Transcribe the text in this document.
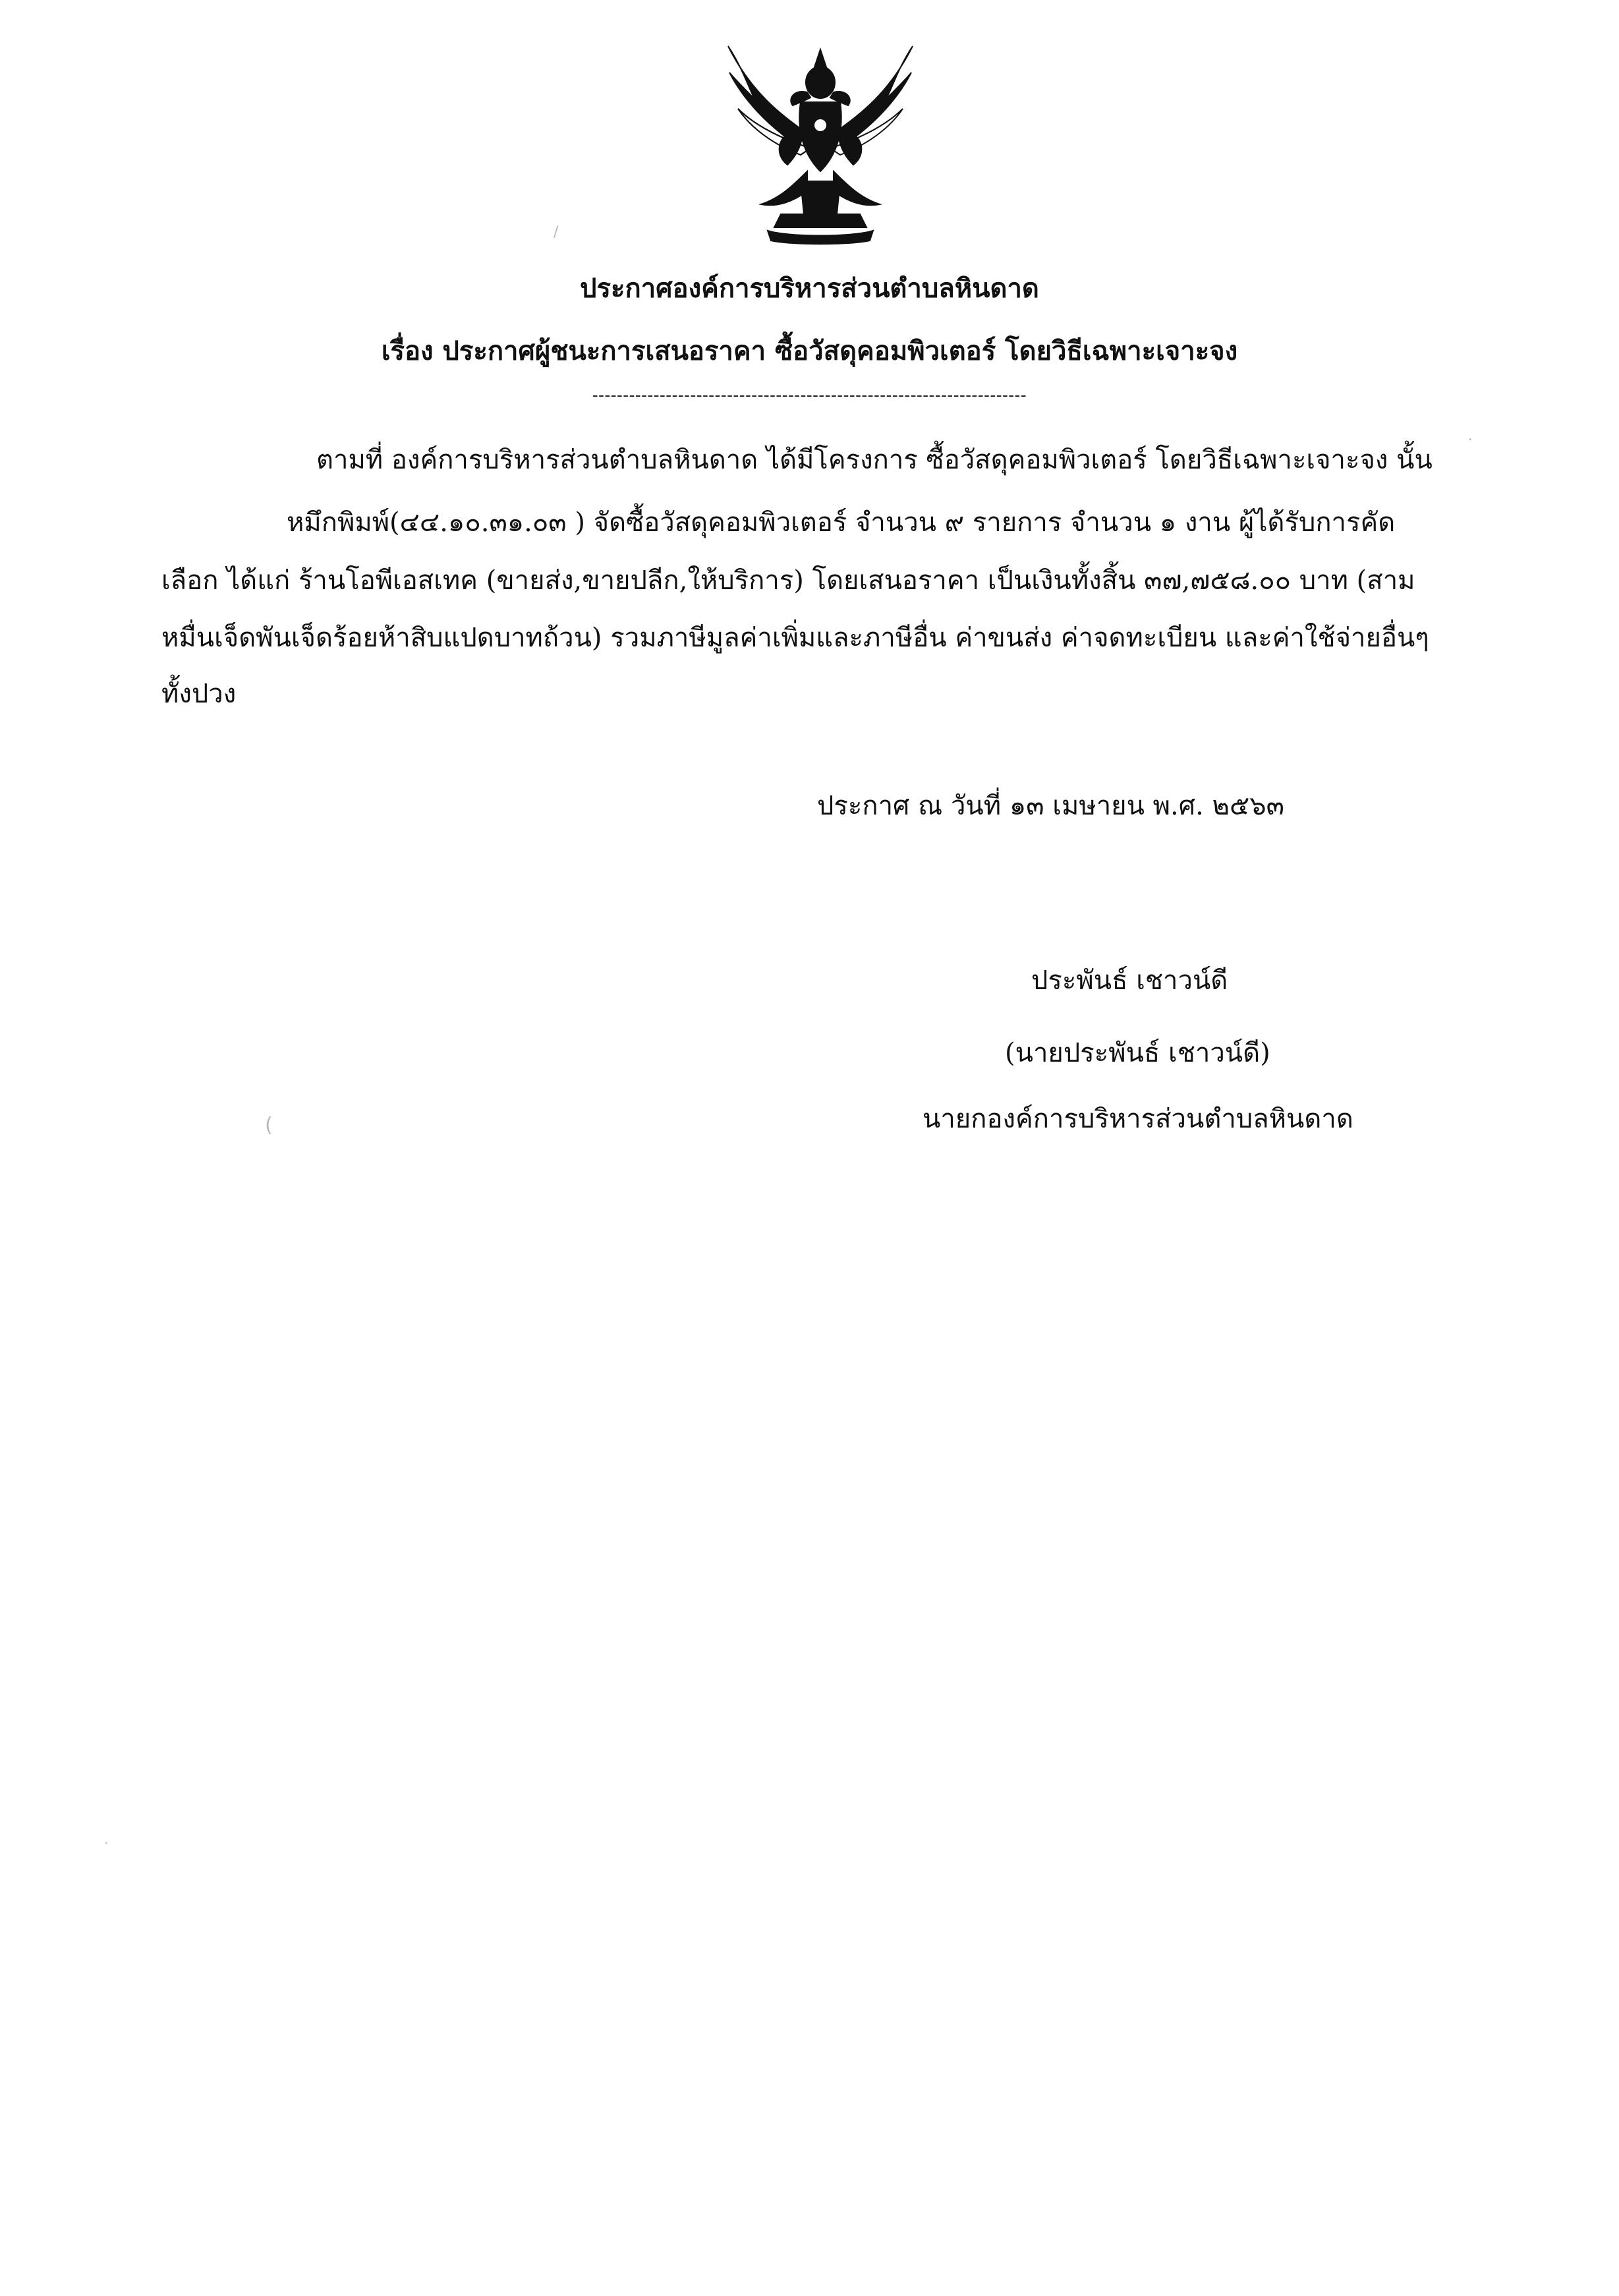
ประกาศองค์การบริหารส่วนตำบลหินดาด
เรื่อง ประกาศผู้ชนะการเสนอราคา ซื้อวัสดุคอมพิวเตอร์ โดยวิธีเฉพาะเจาะจง
-----------------------------------------------------------------------
ตามที่ องค์การบริหารส่วนตำบลหินดาด ได้มีโครงการ ซื้อวัสดุคอมพิวเตอร์ โดยวิธีเฉพาะเจาะจง นั้น
หมึกพิมพ์(๔๔.๑๐.๓๑.๐๓ ) จัดซื้อวัสดุคอมพิวเตอร์ จำนวน ๙ รายการ จำนวน ๑ งาน ผู้ได้รับการคัด
เลือก ได้แก่ ร้านโอพีเอสเทค (ขายส่ง,ขายปลีก,ให้บริการ) โดยเสนอราคา เป็นเงินทั้งสิ้น ๓๗,๗๕๘.๐๐ บาท (สาม
หมื่นเจ็ดพันเจ็ดร้อยห้าสิบแปดบาทถ้วน) รวมภาษีมูลค่าเพิ่มและภาษีอื่น ค่าขนส่ง ค่าจดทะเบียน และค่าใช้จ่ายอื่นๆ
ทั้งปวง
ประกาศ ณ วันที่ ๑๓ เมษายน พ.ศ. ๒๕๖๓
ประพันธ์ เชาวน์ดี
(นายประพันธ์ เชาวน์ดี)
นายกองค์การบริหารส่วนตำบลหินดาด
/
(
·
·
